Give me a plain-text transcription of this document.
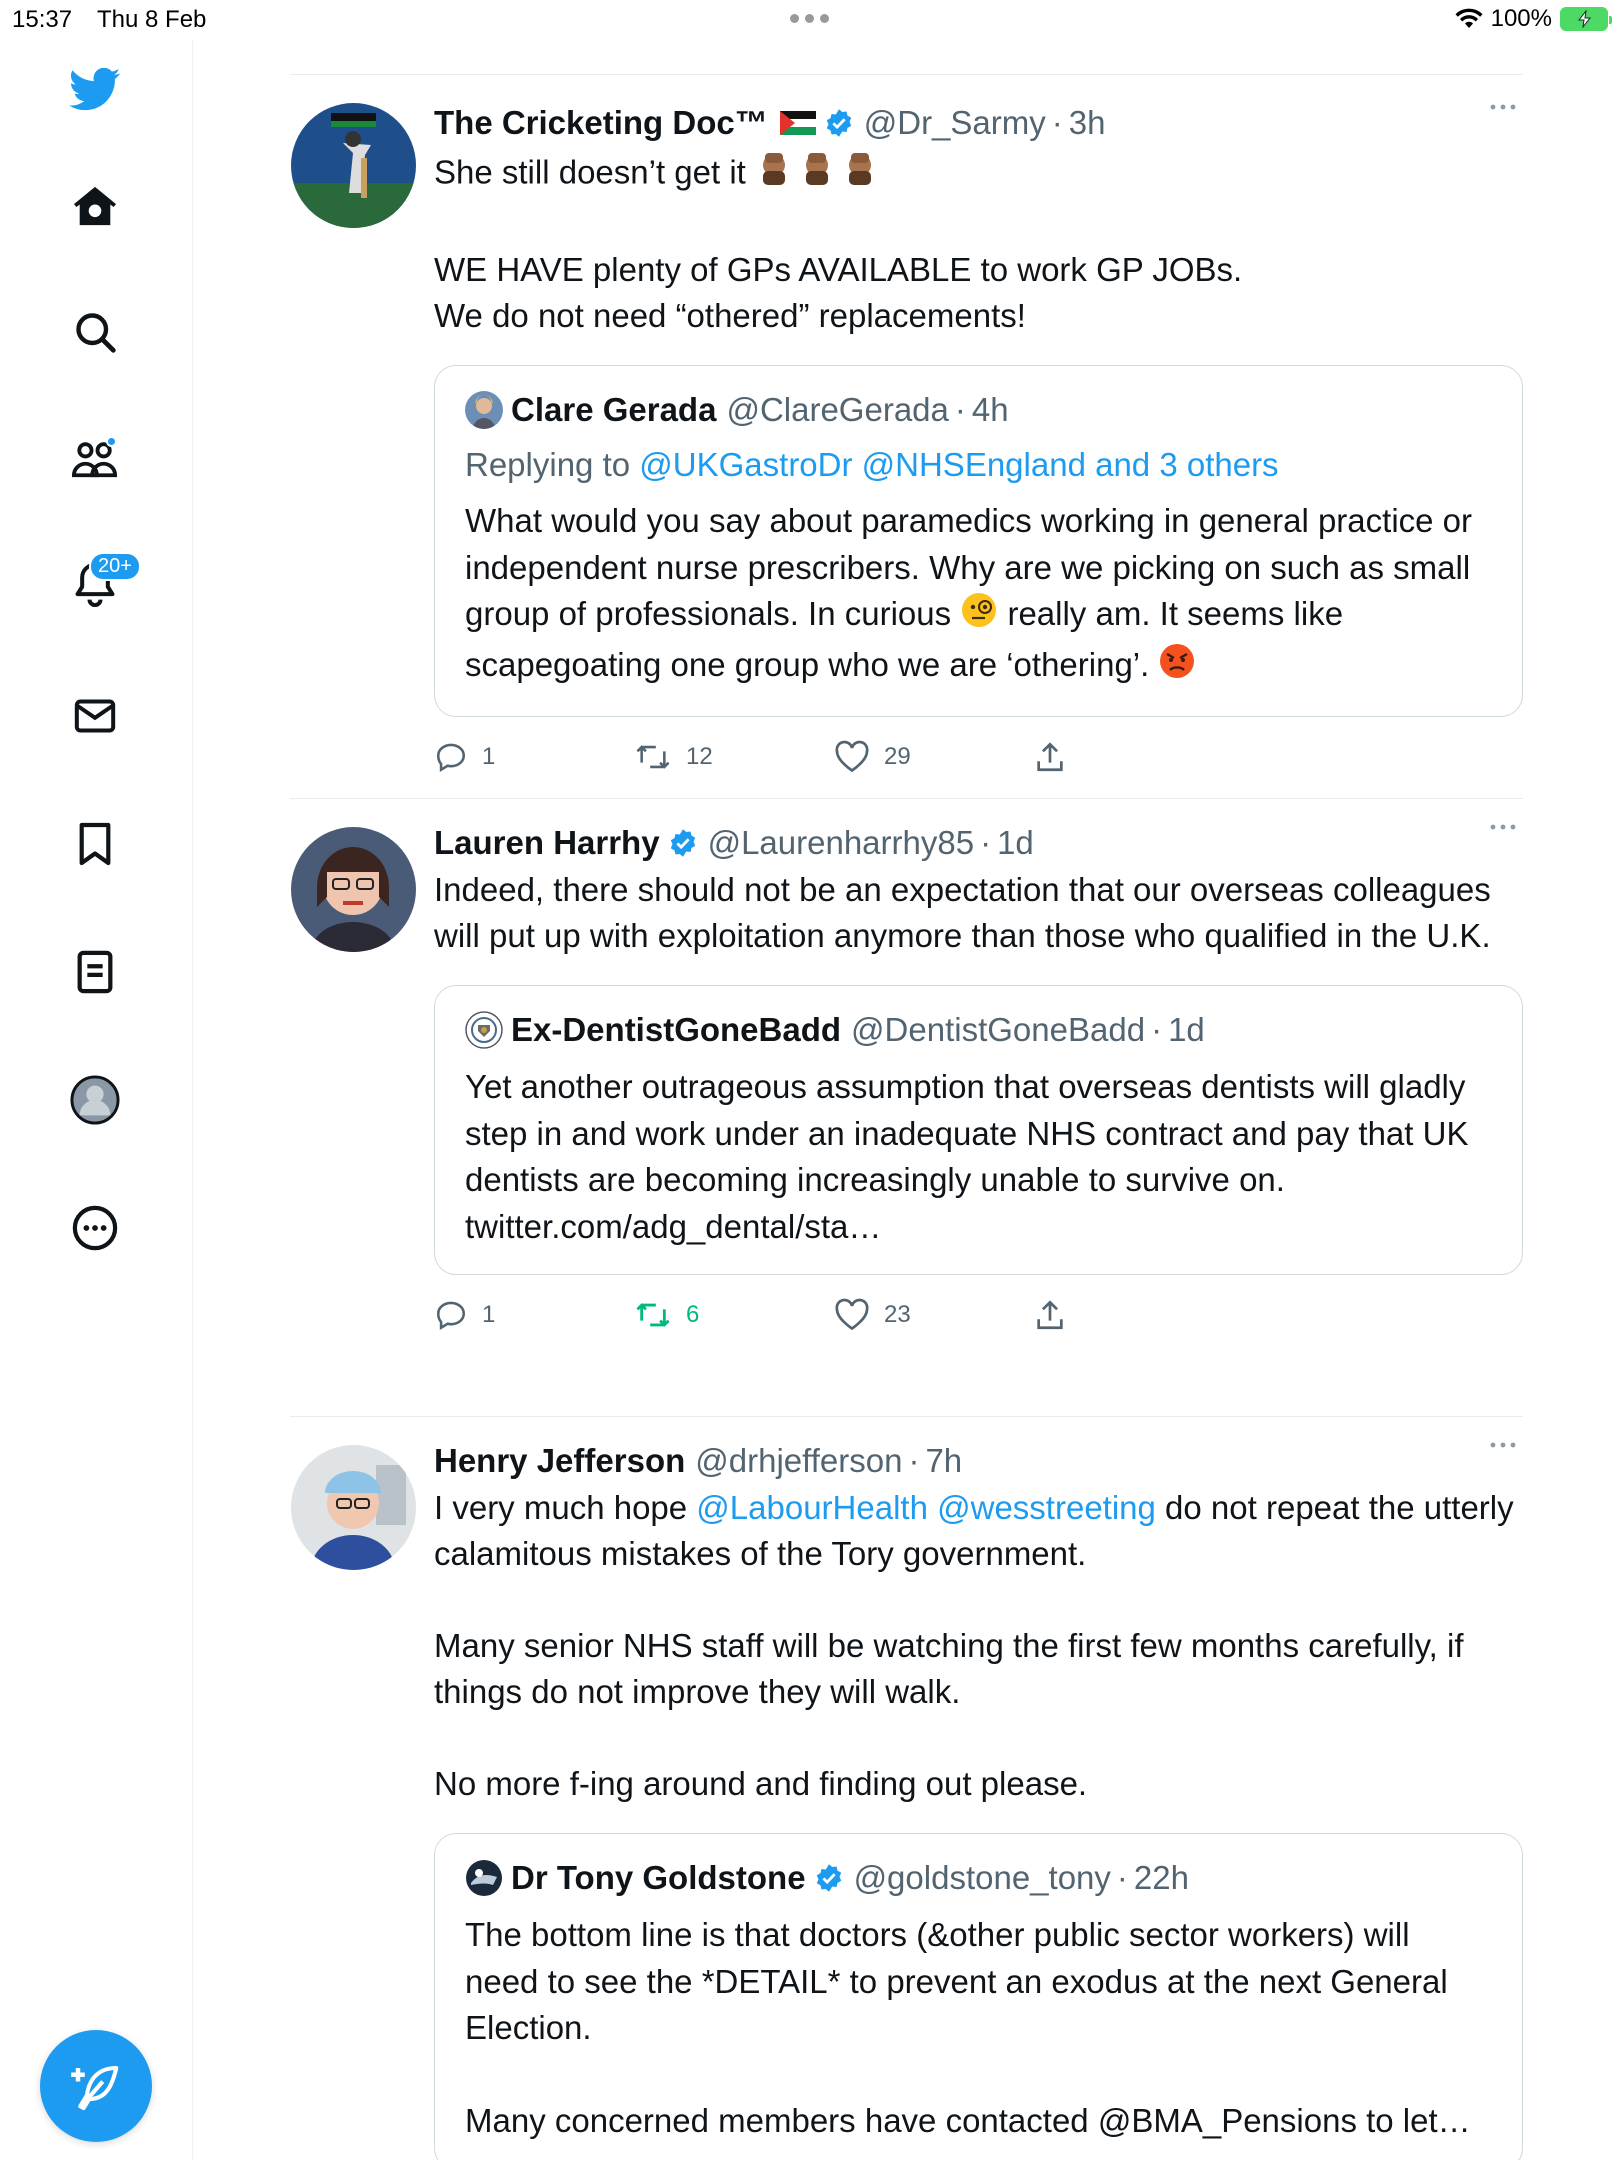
15:37 Thu 8 Feb	100%
20+
The Cricketing Doc™	@Dr_Sarmy · 3h
She still doesn’t get it

WE HAVE plenty of GPs AVAILABLE to work GP JOBs.
We do not need “othered” replacements!
Clare Gerada @ClareGerada · 4h
Replying to @UKGastroDr @NHSEngland and 3 others
What would you say about paramedics working in general practice or independent nurse prescribers. Why are we picking on such as small group of professionals. In curious  really am. It seems like scapegoating one group who we are ‘othering’.
1	12	29
Lauren Harrhy @Laurenharrhy85 · 1d
Indeed, there should not be an expectation that our overseas colleagues will put up with exploitation anymore than those who qualified in the U.K.
Ex-DentistGoneBadd @DentistGoneBadd · 1d
Yet another outrageous assumption that overseas dentists will gladly step in and work under an inadequate NHS contract and pay that UK dentists are becoming increasingly unable to survive on. twitter.com/adg_dental/sta…
1	6	23
Henry Jefferson @drhjefferson · 7h
I very much hope @LabourHealth @wesstreeting do not repeat the utterly calamitous mistakes of the Tory government.

Many senior NHS staff will be watching the first few months carefully, if things do not improve they will walk.

No more f-ing around and finding out please.
Dr Tony Goldstone @goldstone_tony · 22h
The bottom line is that doctors (&other public sector workers) will need to see the *DETAIL* to prevent an exodus at the next General Election.

Many concerned members have contacted @BMA_Pensions to let…
